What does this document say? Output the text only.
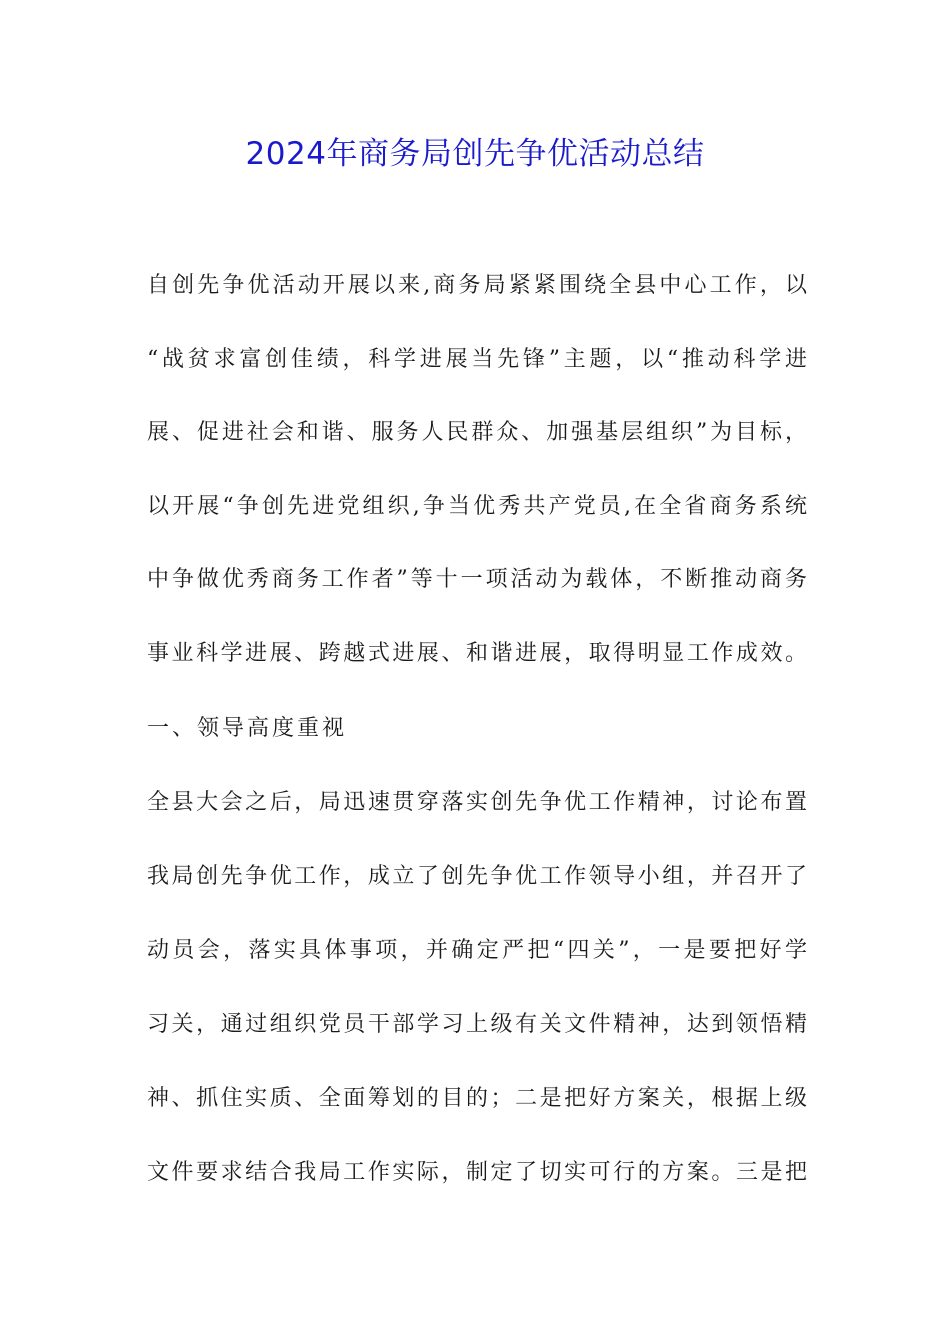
2024年商务局创先争优活动总结
自创先争优活动开展以来,商务局紧紧围绕全县中心工作，以
“战贫求富创佳绩，科学进展当先锋”主题，以“推动科学进
展、促进社会和谐、服务人民群众、加强基层组织”为目标，
以开展“争创先进党组织,争当优秀共产党员,在全省商务系统
中争做优秀商务工作者”等十一项活动为载体，不断推动商务
事业科学进展、跨越式进展、和谐进展，取得明显工作成效。
一、领导高度重视
全县大会之后，局迅速贯穿落实创先争优工作精神，讨论布置
我局创先争优工作，成立了创先争优工作领导小组，并召开了
动员会，落实具体事项，并确定严把“四关”，一是要把好学
习关，通过组织党员干部学习上级有关文件精神，达到领悟精
神、抓住实质、全面筹划的目的；二是把好方案关，根据上级
文件要求结合我局工作实际，制定了切实可行的方案。三是把
